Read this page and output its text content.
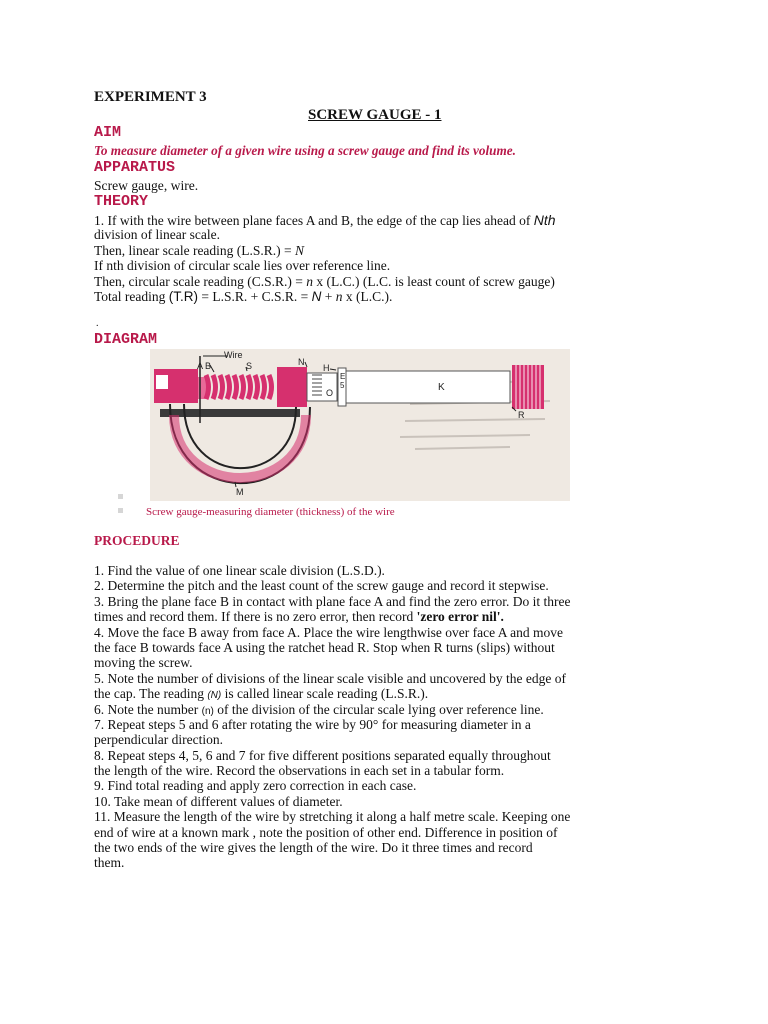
EXPERIMENT 3
SCREW GAUGE - 1
AIM
To measure diameter of a given wire using a screw gauge and find its volume.
APPARATUS
Screw gauge, wire.
THEORY
1. If with the wire between plane faces A and B, the edge of the cap lies ahead of Nth
division of linear scale.
Then, linear scale reading (L.S.R.) = N
If nth division of circular scale lies over reference line.
Then, circular scale reading (C.S.R.) = n x (L.C.) (L.C. is least count of screw gauge)
Total reading (T.R) = L.S.R. + C.S.R. = N + n x (L.C.).
.
DIAGRAM
Wire
A B	S	N
H
E
5
O	K
R
M
Screw gauge-measuring diameter (thickness) of the wire
PROCEDURE
1. Find the value of one linear scale division (L.S.D.).
2. Determine the pitch and the least count of the screw gauge and record it stepwise.
3. Bring the plane face B in contact with plane face A and find the zero error. Do it three
times and record them. If there is no zero error, then record 'zero error nil'.
4. Move the face B away from face A. Place the wire lengthwise over face A and move
the face B towards face A using the ratchet head R. Stop when R turns (slips) without
moving the screw.
5. Note the number of divisions of the linear scale visible and uncovered by the edge of
the cap. The reading (N) is called linear scale reading (L.S.R.).
6. Note the number (n) of the division of the circular scale lying over reference line.
7. Repeat steps 5 and 6 after rotating the wire by 90° for measuring diameter in a
perpendicular direction.
8. Repeat steps 4, 5, 6 and 7 for five different positions separated equally throughout
the length of the wire. Record the observations in each set in a tabular form.
9. Find total reading and apply zero correction in each case.
10. Take mean of different values of diameter.
11. Measure the length of the wire by stretching it along a half metre scale. Keeping one
end of wire at a known mark , note the position of other end. Difference in position of
the two ends of the wire gives the length of the wire. Do it three times and record
them.
